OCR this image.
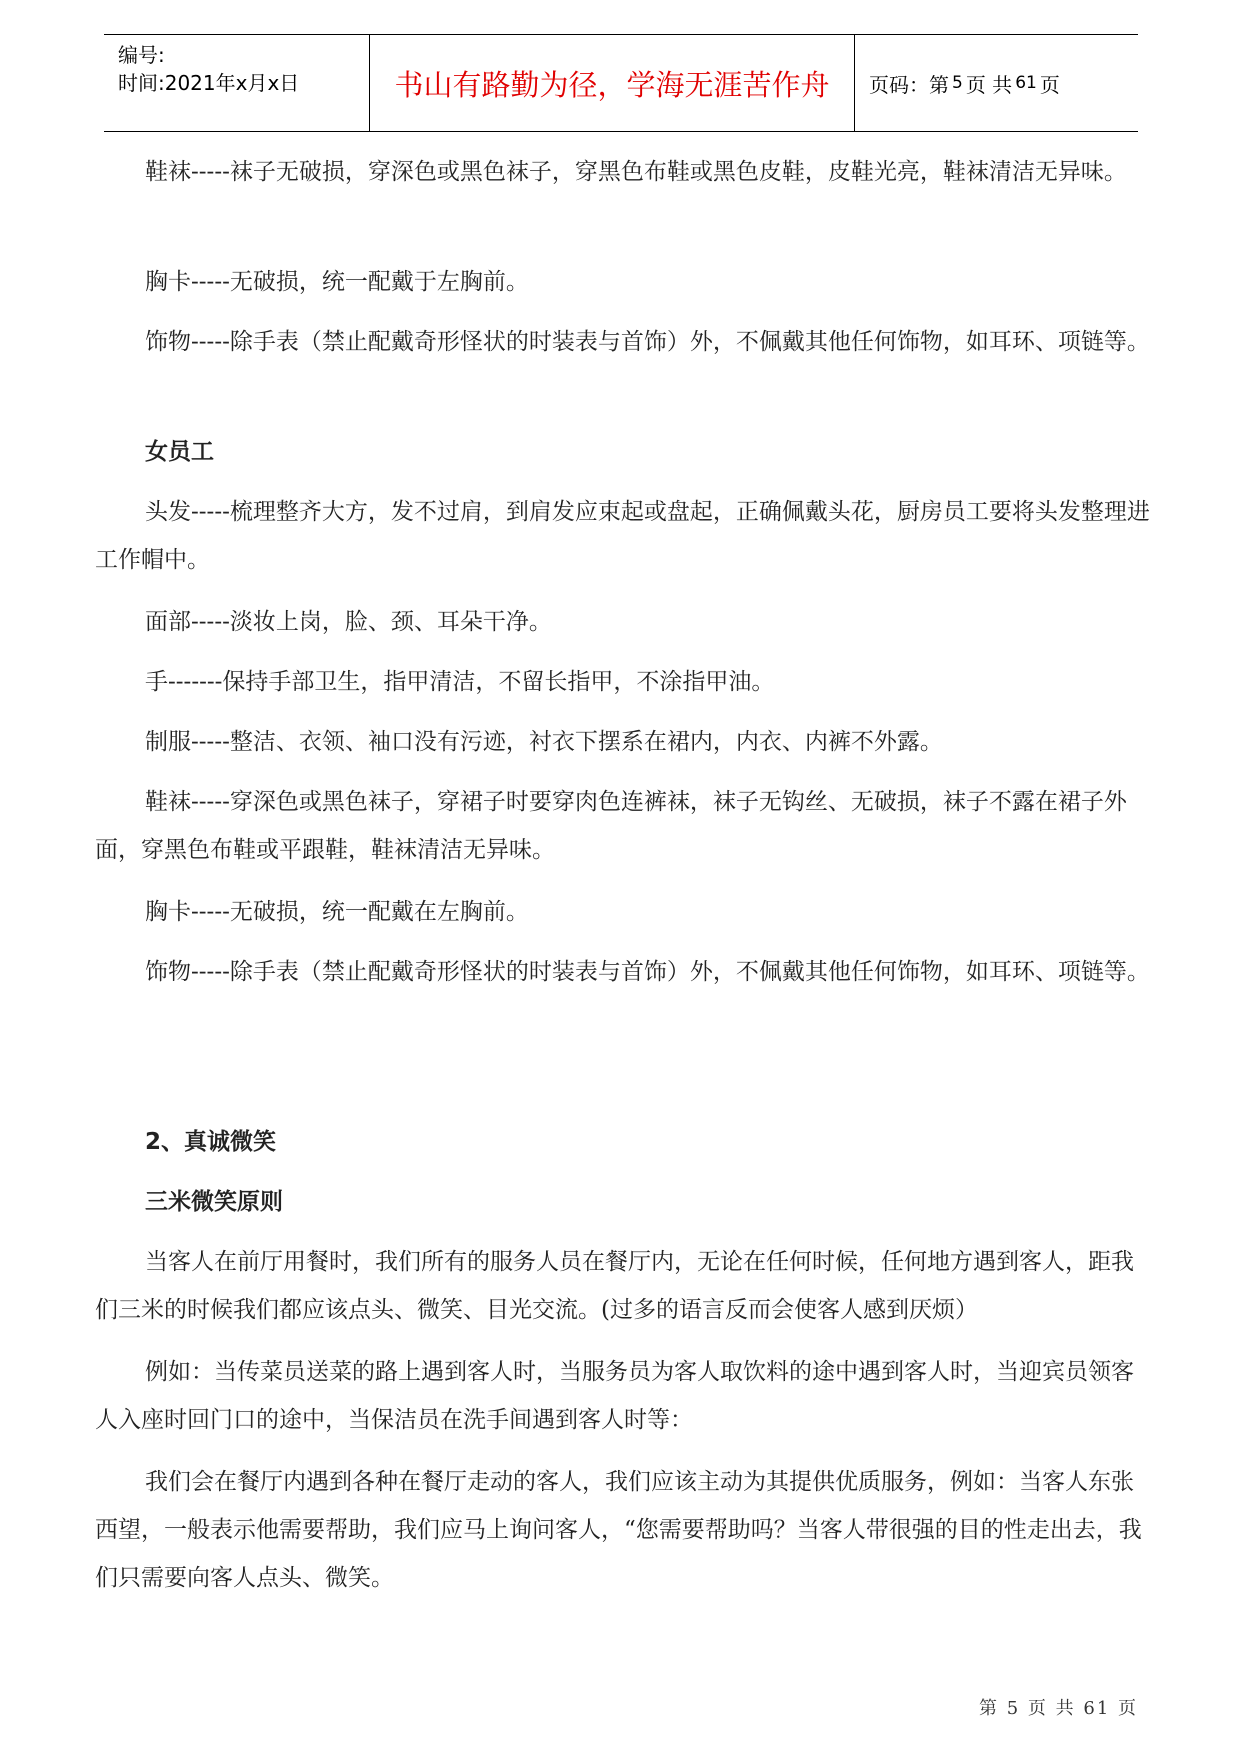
编号:
时间:2021年x月x日	书山有路勤为径，学海无涯苦作舟	页码：第 5 页 共 61 页

鞋袜-----袜子无破损，穿深色或黑色袜子，穿黑色布鞋或黑色皮鞋，皮鞋光亮，鞋袜清洁无异味。

胸卡-----无破损，统一配戴于左胸前。

饰物-----除手表（禁止配戴奇形怪状的时装表与首饰）外，不佩戴其他任何饰物，如耳环、项链等。

女员工

头发-----梳理整齐大方，发不过肩，到肩发应束起或盘起，正确佩戴头花，厨房员工要将头发整理进工作帽中。

面部-----淡妆上岗，脸、颈、耳朵干净。

手-------保持手部卫生，指甲清洁，不留长指甲，不涂指甲油。

制服-----整洁、衣领、袖口没有污迹，衬衣下摆系在裙内，内衣、内裤不外露。

鞋袜-----穿深色或黑色袜子，穿裙子时要穿肉色连裤袜，袜子无钩丝、无破损，袜子不露在裙子外面，穿黑色布鞋或平跟鞋，鞋袜清洁无异味。

胸卡-----无破损，统一配戴在左胸前。

饰物-----除手表（禁止配戴奇形怪状的时装表与首饰）外，不佩戴其他任何饰物，如耳环、项链等。

2、真诚微笑

三米微笑原则

当客人在前厅用餐时，我们所有的服务人员在餐厅内，无论在任何时候，任何地方遇到客人，距我们三米的时候我们都应该点头、微笑、目光交流。(过多的语言反而会使客人感到厌烦）

例如：当传菜员送菜的路上遇到客人时，当服务员为客人取饮料的途中遇到客人时，当迎宾员领客人入座时回门口的途中，当保洁员在洗手间遇到客人时等：

我们会在餐厅内遇到各种在餐厅走动的客人，我们应该主动为其提供优质服务，例如：当客人东张西望，一般表示他需要帮助，我们应马上询问客人，“您需要帮助吗？当客人带很强的目的性走出去，我们只需要向客人点头、微笑。

第 5 页 共 61 页
